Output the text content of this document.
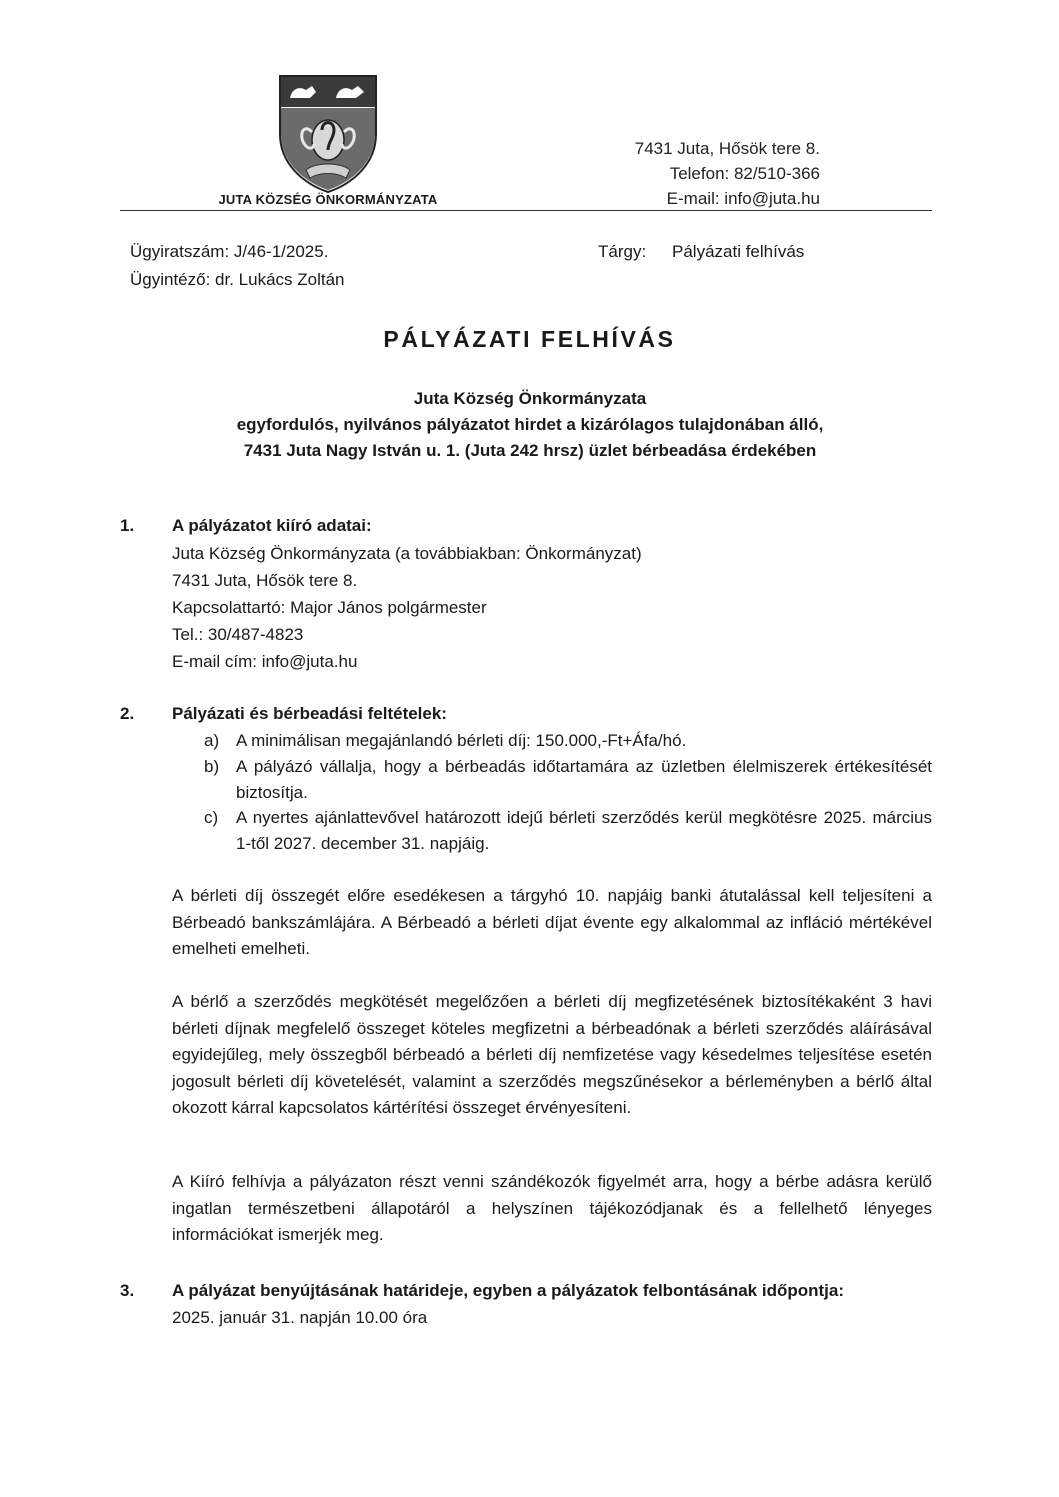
JUTA KÖZSÉG ÖNKORMÁNYZATA
7431 Juta, Hősök tere 8.
Telefon: 82/510-366
E-mail: info@juta.hu
Ügyiratszám: J/46-1/2025.
Ügyintéző: dr. Lukács Zoltán
Tárgy: Pályázati felhívás
PÁLYÁZATI FELHÍVÁS
Juta Község Önkormányzata
egyfordulós, nyilvános pályázatot hirdet a kizárólagos tulajdonában álló,
7431 Juta Nagy István u. 1. (Juta 242 hrsz) üzlet bérbeadása érdekében
1. A pályázatot kiíró adatai:
Juta Község Önkormányzata (a továbbiakban: Önkormányzat)
7431 Juta, Hősök tere 8.
Kapcsolattartó: Major János polgármester
Tel.: 30/487-4823
E-mail cím: info@juta.hu
2. Pályázati és bérbeadási feltételek:
a) A minimálisan megajánlandó bérleti díj: 150.000,-Ft+Áfa/hó.
b) A pályázó vállalja, hogy a bérbeadás időtartamára az üzletben élelmiszerek értékesítését biztosítja.
c)	A nyertes ajánlattevővel határozott idejű bérleti szerződés kerül megkötésre 2025. március 1-től 2027. december 31. napjáig.
A bérleti díj összegét előre esedékesen a tárgyhó 10. napjáig banki átutalással kell teljesíteni a Bérbeadó bankszámlájára. A Bérbeadó a bérleti díjat évente egy alkalommal az infláció mértékével emelheti emelheti.
A bérlő a szerződés megkötését megelőzően a bérleti díj megfizetésének biztosítékaként 3 havi bérleti díjnak megfelelő összeget köteles megfizetni a bérbeadónak a bérleti szerződés aláírásával egyidejűleg, mely összegből bérbeadó a bérleti díj nemfizetése vagy késedelmes teljesítése esetén jogosult bérleti díj követelését, valamint a szerződés megszűnésekor a bérleményben a bérlő által okozott kárral kapcsolatos kártérítési összeget érvényesíteni.
A Kiíró felhívja a pályázaton részt venni szándékozók figyelmét arra, hogy a bérbe adásra kerülő ingatlan természetbeni állapotáról a helyszínen tájékozódjanak és a fellelhető lényeges információkat ismerjék meg.
3. A pályázat benyújtásának határideje, egyben a pályázatok felbontásának időpontja:
2025. január 31. napján 10.00 óra
